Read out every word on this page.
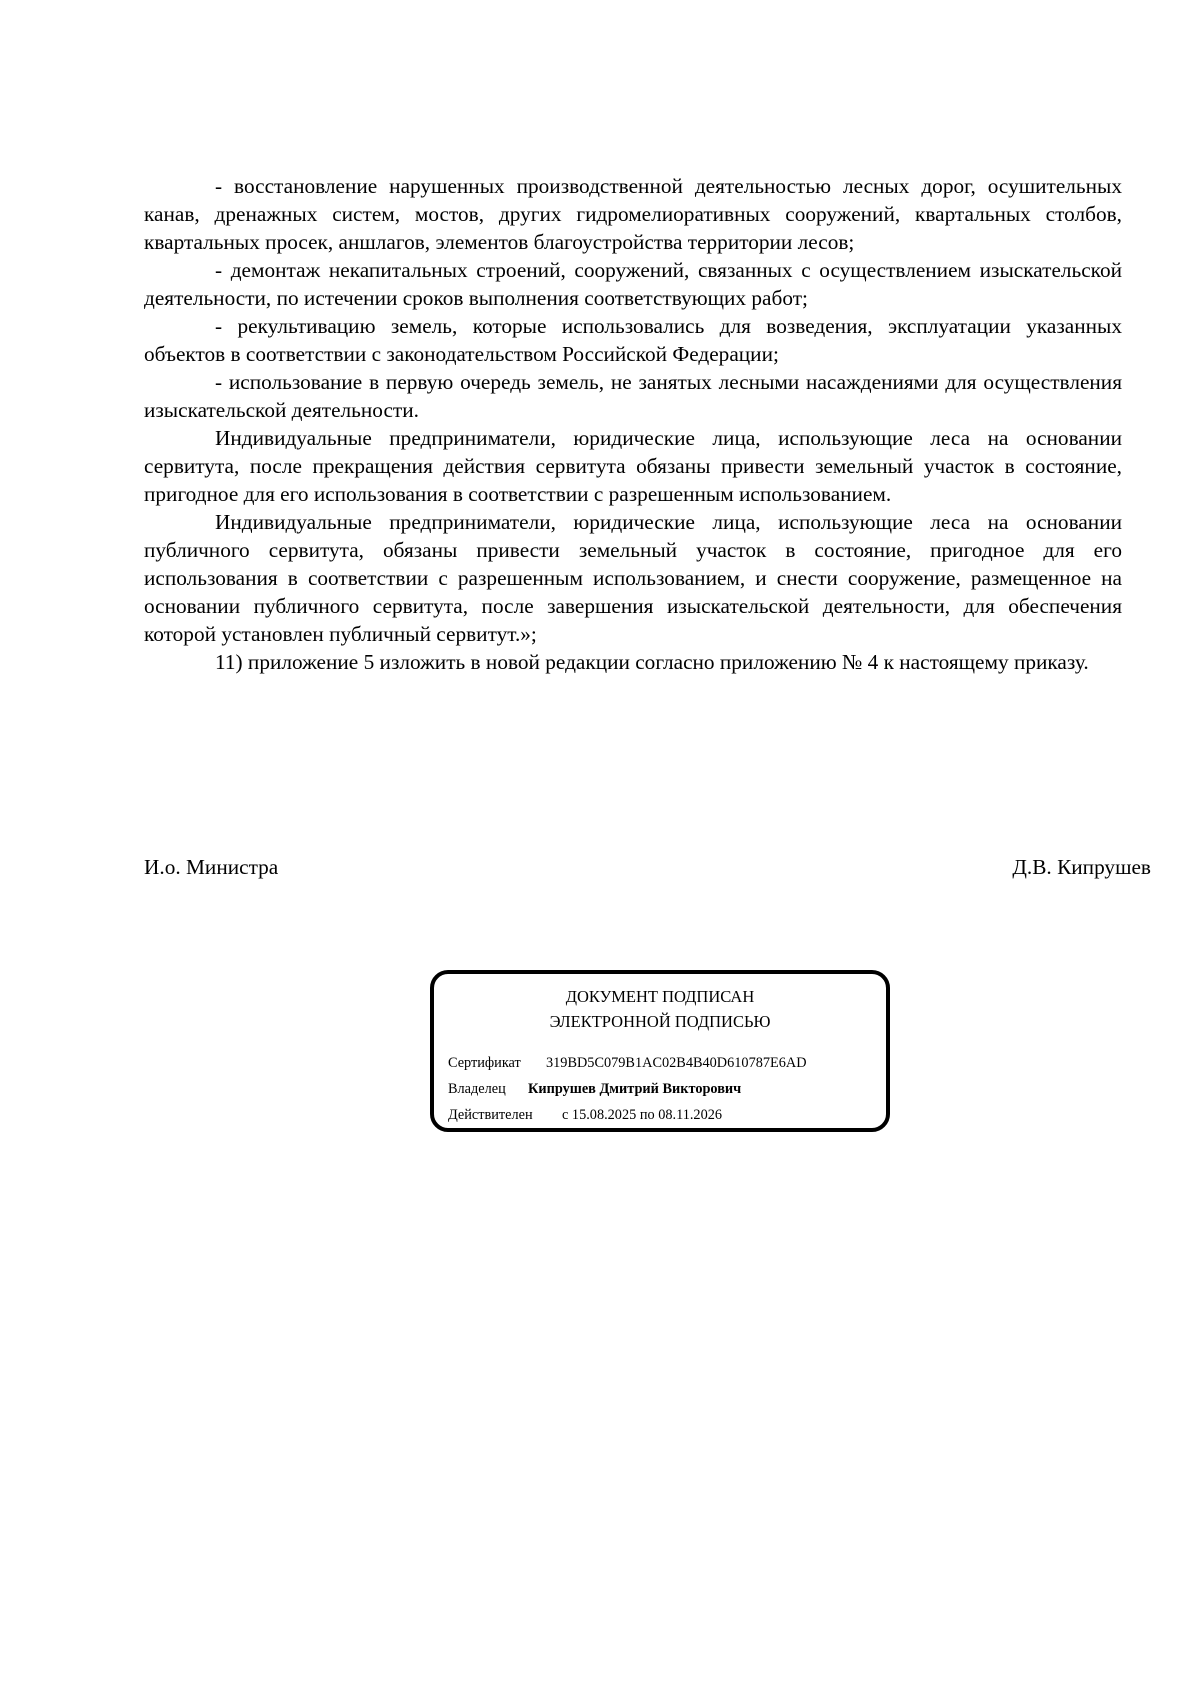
- восстановление нарушенных производственной деятельностью лесных дорог, осушительных канав, дренажных систем, мостов, других гидромелиоративных сооружений, квартальных столбов, квартальных просек, аншлагов, элементов благоустройства территории лесов;

- демонтаж некапитальных строений, сооружений, связанных с осуществлением изыскательской деятельности, по истечении сроков выполнения соответствующих работ;

- рекультивацию земель, которые использовались для возведения, эксплуатации указанных объектов в соответствии с законодательством Российской Федерации;

- использование в первую очередь земель, не занятых лесными насаждениями для осуществления изыскательской деятельности.

Индивидуальные предприниматели, юридические лица, использующие леса на основании сервитута, после прекращения действия сервитута обязаны привести земельный участок в состояние, пригодное для его использования в соответствии с разрешенным использованием.

Индивидуальные предприниматели, юридические лица, использующие леса на основании публичного сервитута, обязаны привести земельный участок в состояние, пригодное для его использования в соответствии с разрешенным использованием, и снести сооружение, размещенное на основании публичного сервитута, после завершения изыскательской деятельности, для обеспечения которой установлен публичный сервитут.»;

11) приложение 5 изложить в новой редакции согласно приложению № 4 к настоящему приказу.

И.о. Министра	Д.В. Кипрушев
ДОКУМЕНТ ПОДПИСАН
ЭЛЕКТРОННОЙ ПОДПИСЬЮ
Сертификат 319BD5C079B1AC02B4B40D610787E6AD
Владелец Кипрушев Дмитрий Викторович
Действителен с 15.08.2025 по 08.11.2026
